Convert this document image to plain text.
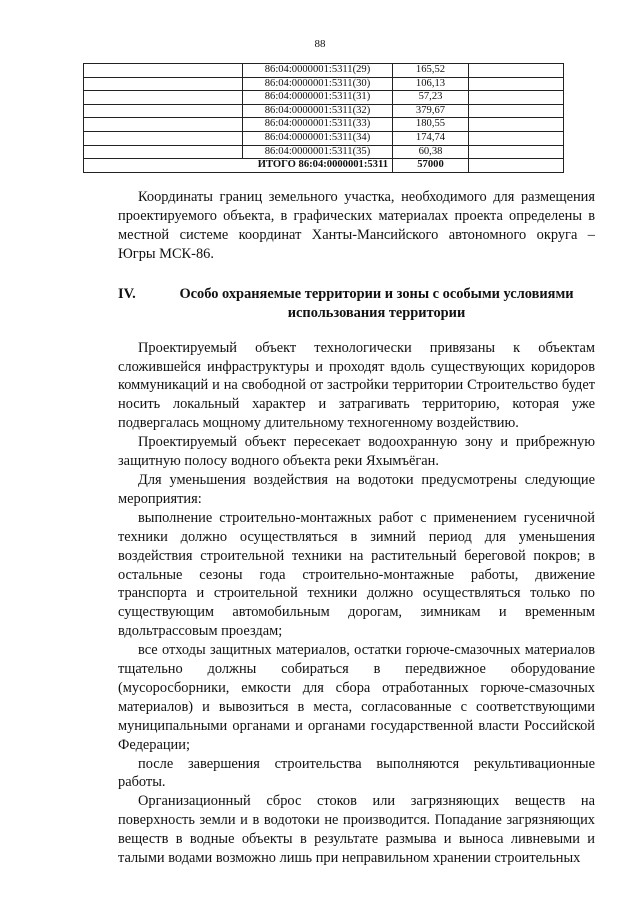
88
	86:04:0000001:5311(29)	165,52	
	86:04:0000001:5311(30)	106,13	
	86:04:0000001:5311(31)	57,23	
	86:04:0000001:5311(32)	379,67	
	86:04:0000001:5311(33)	180,55	
	86:04:0000001:5311(34)	174,74	
	86:04:0000001:5311(35)	60,38	
ИТОГО 86:04:0000001:5311		57000	

Координаты границ земельного участка, необходимого для размещения проектируемого объекта, в графических материалах проекта определены в местной системе координат Ханты-Мансийского автономного округа – Югры МСК-86.

IV.	Особо охраняемые территории и зоны с особыми условиями использования территории

Проектируемый объект технологически привязаны к объектам сложившейся инфраструктуры и проходят вдоль существующих коридоров коммуникаций и на свободной от застройки территории Строительство будет носить локальный характер и затрагивать территорию, которая уже подвергалась мощному длительному техногенному воздействию.

Проектируемый объект пересекает водоохранную зону и прибрежную защитную полосу водного объекта реки Яхымъёган.

Для уменьшения воздействия на водотоки предусмотрены следующие мероприятия:

выполнение строительно-монтажных работ с применением гусеничной техники должно осуществляться в зимний период для уменьшения воздействия строительной техники на растительный береговой покров; в остальные сезоны года строительно-монтажные работы, движение транспорта и строительной техники должно осуществляться только по существующим автомобильным дорогам, зимникам и временным вдольтрассовым проездам;

все отходы защитных материалов, остатки горюче-смазочных материалов тщательно должны собираться в передвижное оборудование (мусоросборники, емкости для сбора отработанных горюче-смазочных материалов) и вывозиться в места, согласованные с соответствующими муниципальными органами и органами государственной власти Российской Федерации;

после завершения строительства выполняются рекультивационные работы.

Организационный сброс стоков или загрязняющих веществ на поверхность земли и в водотоки не производится. Попадание загрязняющих веществ в водные объекты в результате размыва и выноса ливневыми и талыми водами возможно лишь при неправильном хранении строительных
